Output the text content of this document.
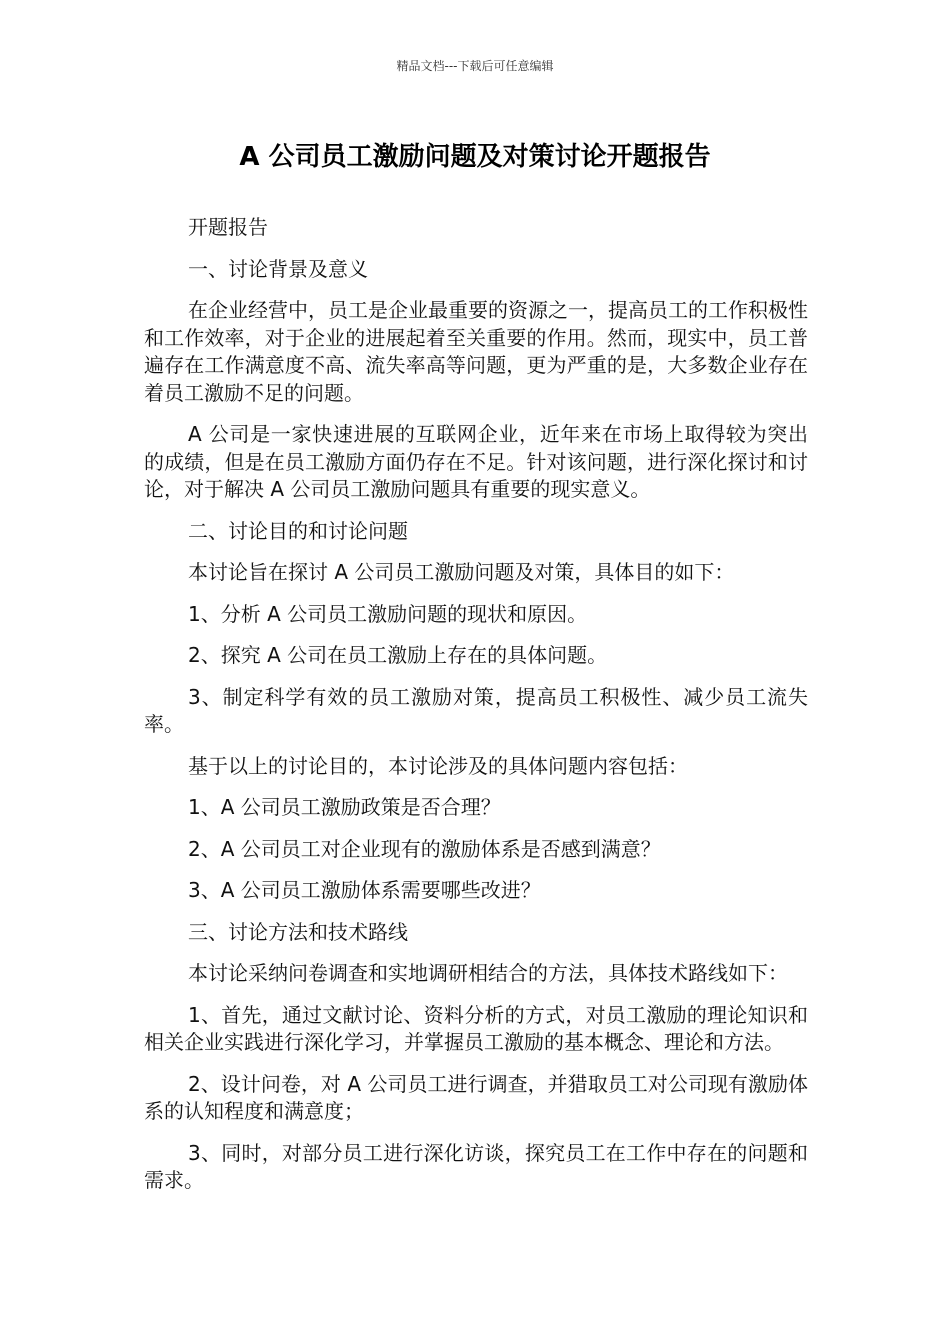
精品文档---下载后可任意编辑
A 公司员工激励问题及对策讨论开题报告

开题报告

一、讨论背景及意义

在企业经营中，员工是企业最重要的资源之一，提高员工的工作积极性和工作效率，对于企业的进展起着至关重要的作用。然而，现实中，员工普遍存在工作满意度不高、流失率高等问题，更为严重的是，大多数企业存在着员工激励不足的问题。

A 公司是一家快速进展的互联网企业，近年来在市场上取得较为突出的成绩，但是在员工激励方面仍存在不足。针对该问题，进行深化探讨和讨论，对于解决 A 公司员工激励问题具有重要的现实意义。

二、讨论目的和讨论问题

本讨论旨在探讨 A 公司员工激励问题及对策，具体目的如下：

1、分析 A 公司员工激励问题的现状和原因。

2、探究 A 公司在员工激励上存在的具体问题。

3、制定科学有效的员工激励对策，提高员工积极性、减少员工流失率。

基于以上的讨论目的，本讨论涉及的具体问题内容包括：

1、A 公司员工激励政策是否合理？

2、A 公司员工对企业现有的激励体系是否感到满意？

3、A 公司员工激励体系需要哪些改进？

三、讨论方法和技术路线

本讨论采纳问卷调查和实地调研相结合的方法，具体技术路线如下：

1、首先，通过文献讨论、资料分析的方式，对员工激励的理论知识和相关企业实践进行深化学习，并掌握员工激励的基本概念、理论和方法。

2、设计问卷，对 A 公司员工进行调查，并猎取员工对公司现有激励体系的认知程度和满意度；

3、同时，对部分员工进行深化访谈，探究员工在工作中存在的问题和需求。
